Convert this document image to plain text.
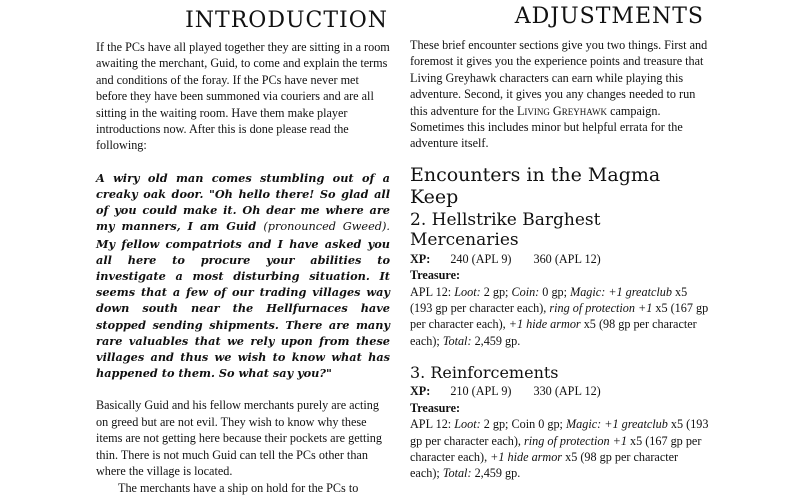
INTRODUCTION

If the PCs have all played together they are sitting in a room awaiting the merchant, Guid, to come and explain the terms and conditions of the foray. If the PCs have never met before they have been summoned via couriers and are all sitting in the waiting room. Have them make player introductions now. After this is done please read the following:

A wiry old man comes stumbling out of a creaky oak door. "Oh hello there! So glad all of you could make it. Oh dear me where are my manners, I am Guid (pronounced Gweed). My fellow compatriots and I have asked you all here to procure your abilities to investigate a most disturbing situation. It seems that a few of our trading villages way down south near the Hellfurnaces have stopped sending shipments. There are many rare valuables that we rely upon from these villages and thus we wish to know what has happened to them. So what say you?"

Basically Guid and his fellow merchants purely are acting on greed but are not evil. They wish to know why these items are not getting here because their pockets are getting thin. There is not much Guid can tell the PCs other than where the village is located.

The merchants have a ship on hold for the PCs to

ADJUSTMENTS

These brief encounter sections give you two things. First and foremost it gives you the experience points and treasure that Living Greyhawk characters can earn while playing this adventure. Second, it gives you any changes needed to run this adventure for the Living Greyhawk campaign. Sometimes this includes minor but helpful errata for the adventure itself.

Encounters in the Magma Keep
2. Hellstrike Barghest Mercenaries

XP: 240 (APL 9) 360 (APL 12)

Treasure:

APL 12: Loot: 2 gp; Coin: 0 gp; Magic: +1 greatclub x5 (193 gp per character each), ring of protection +1 x5 (167 gp per character each), +1 hide armor x5 (98 gp per character each); Total: 2,459 gp.

3. Reinforcements

XP: 210 (APL 9) 330 (APL 12)

Treasure:

APL 12: Loot: 2 gp; Coin 0 gp; Magic: +1 greatclub x5 (193 gp per character each), ring of protection +1 x5 (167 gp per character each), +1 hide armor x5 (98 gp per character each); Total: 2,459 gp.
